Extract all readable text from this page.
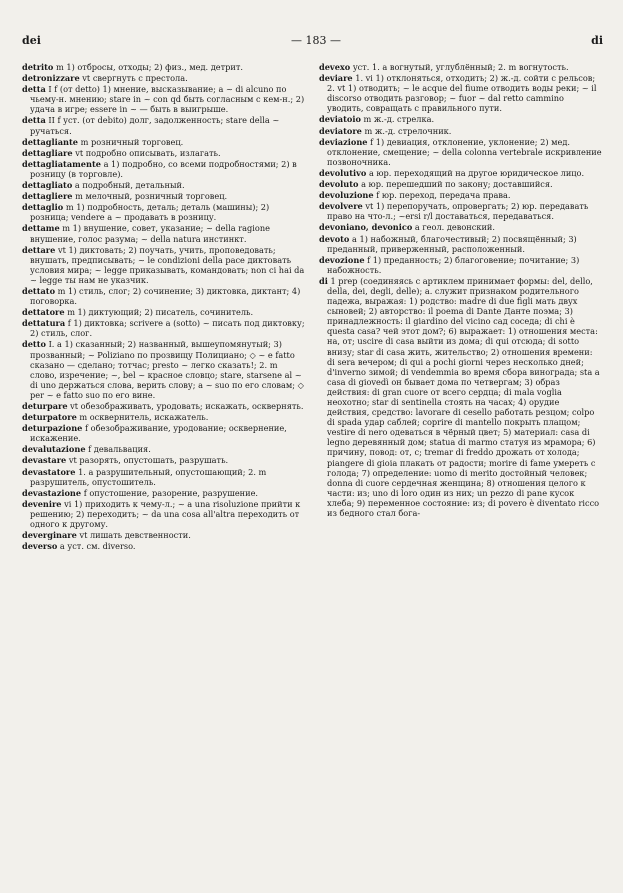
dei	— 183 —	di

detrito m 1) отбросы, отходы; 2) физ., мед. детрит.

detronizzare vt свергнуть с престола.

detta I f (от detto) 1) мнение, высказывание; a ~ di alcuno по чьему-н. мнению; stare in ~ con qd быть согласным с кем-н.; 2) удача в игре; essere in ~ — быть в выигрыше.

detta II f уст. (от debito) долг, задолженность; stare della ~ ручаться.

dettagliante m розничный торговец.

dettagliare vt подробно описывать, излагать.

dettagliatamente a 1) подробно, со всеми подробностями; 2) в розницу (в торговле).

dettagliato a подробный, детальный.

dettagliere m мелочный, розничный торговец.

dettaglio m 1) подробность, деталь; деталь (машины); 2) розница; vendere a ~ продавать в розницу.

dettame m 1) внушение, совет, указание; ~ della ragione внушение, голос разума; ~ della natura инстинкт.

dettare vt 1) диктовать; 2) поучать, учить, проповедовать; внушать, предписывать; ~ le condizioni della pace диктовать условия мира; ~ legge приказывать, командовать; non ci hai da ~ legge ты нам не указчик.

dettato m 1) стиль, слог; 2) сочинение; 3) диктовка, диктант; 4) поговорка.

dettatore m 1) диктующий; 2) писатель, сочинитель.

dettatura f 1) диктовка; scrivere a (sotto) ~ писать под диктовку; 2) стиль, слог.

detto I. a 1) сказанный; 2) названный, вышеупомянутый; 3) прозванный; ~ Poliziano по прозвищу Полициано; ◇ ~ e fatto сказано — сделано; тотчас; presto ~ легко сказать!; 2. m слово, изречение; ~, bel ~ красное словцо; stare, starsene al ~ di uno держаться слова, верить слову; a ~ suo по его словам; ◇ per ~ e fatto suo по его вине.

deturpare vt обезображивать, уродовать; искажать, осквернять.

deturpatore m осквернитель, искажатель.

deturpazione f обезображивание, уродование; осквернение, искажение.

devalutazione f девальвация.

devastare vt разорять, опустошать, разрушать.

devastatore 1. a разрушительный, опустошающий; 2. m разрушитель, опустошитель.

devastazione f опустошение, разорение, разрушение.

devenire vi 1) приходить к чему-л.; ~ a una risoluzione прийти к решению; 2) переходить; ~ da una cosa all'altra переходить от одного к другому.

deverginare vt лишать девственности.

deverso a уст. см. diverso.

devexo уст. 1. a вогнутый, углублённый; 2. m вогнутость.

deviare 1. vi 1) отклоняться, отходить; 2) ж.-д. сойти с рельсов; 2. vt 1) отводить; ~ le acque del fiume отводить воды реки; ~ il discorso отводить разговор; ~ fuor ~ dal retto cammino уводить, совращать с правильного пути.

deviatoio m ж.-д. стрелка.

deviatore m ж.-д. стрелочник.

deviazione f 1) девиация, отклонение, уклонение; 2) мед. отклонение, смещение; ~ della colonna vertebrale искривление позвоночника.

devolutivo a юр. переходящий на другое юридическое лицо.

devoluto a юр. перешедший по закону; доставшийся.

devoluzione f юр. переход, передача права.

devolvere vt 1) перепоручать, опровергать; 2) юр. передавать право на что-л.; ~ersi r/l доставаться, передаваться.

devoniano, devonico a геол. девонский.

devoto a 1) набожный, благочестивый; 2) посвящённый; 3) преданный, приверженный, расположенный.

devozione f 1) преданность; 2) благоговение; почитание; 3) набожность.

di 1 prep (соединяясь с артиклем принимает формы: del, dello, della, dei, degli, delle); a. служит признаком родительного падежа, выражая: 1) родство: madre di due figli мать двух сыновей; 2) авторство: il poema di Dante Данте поэма; 3) принадлежность: il giardino del vicino сад соседа; di chi è questa casa? чей этот дом?; 6) выражает: 1) отношения места: на, от; uscire di casa выйти из дома; di qui отсюда; di sotto внизу; star di casa жить, жительство; 2) отношения времени: di sera вечером; di qui a pochi giorni через несколько дней; d'inverno зимой; di vendemmia во время сбора винограда; sta a casa di giovedì он бывает дома по четвергам; 3) образ действия: di gran cuore от всего сердца; di mala voglia неохотно; star di sentinella стоять на часах; 4) орудие действия, средство: lavorare di cesello работать резцом; colpo di spada удар саблей; coprire di mantello покрыть плащом; vestire di nero одеваться в чёрный цвет; 5) материал: casa di legno деревянный дом; statua di marmo статуя из мрамора; 6) причину, повод: от, с; tremar di freddo дрожать от холода; piangere di gioia плакать от радости; morire di fame умереть с голода; 7) определение: uomo di merito достойный человек; donna di cuore сердечная женщина; 8) отношения целого к части: из; uno di loro один из них; un pezzo di pane кусок хлеба; 9) переменное состояние: из; di povero è diventato ricco из бедного стал бога-
